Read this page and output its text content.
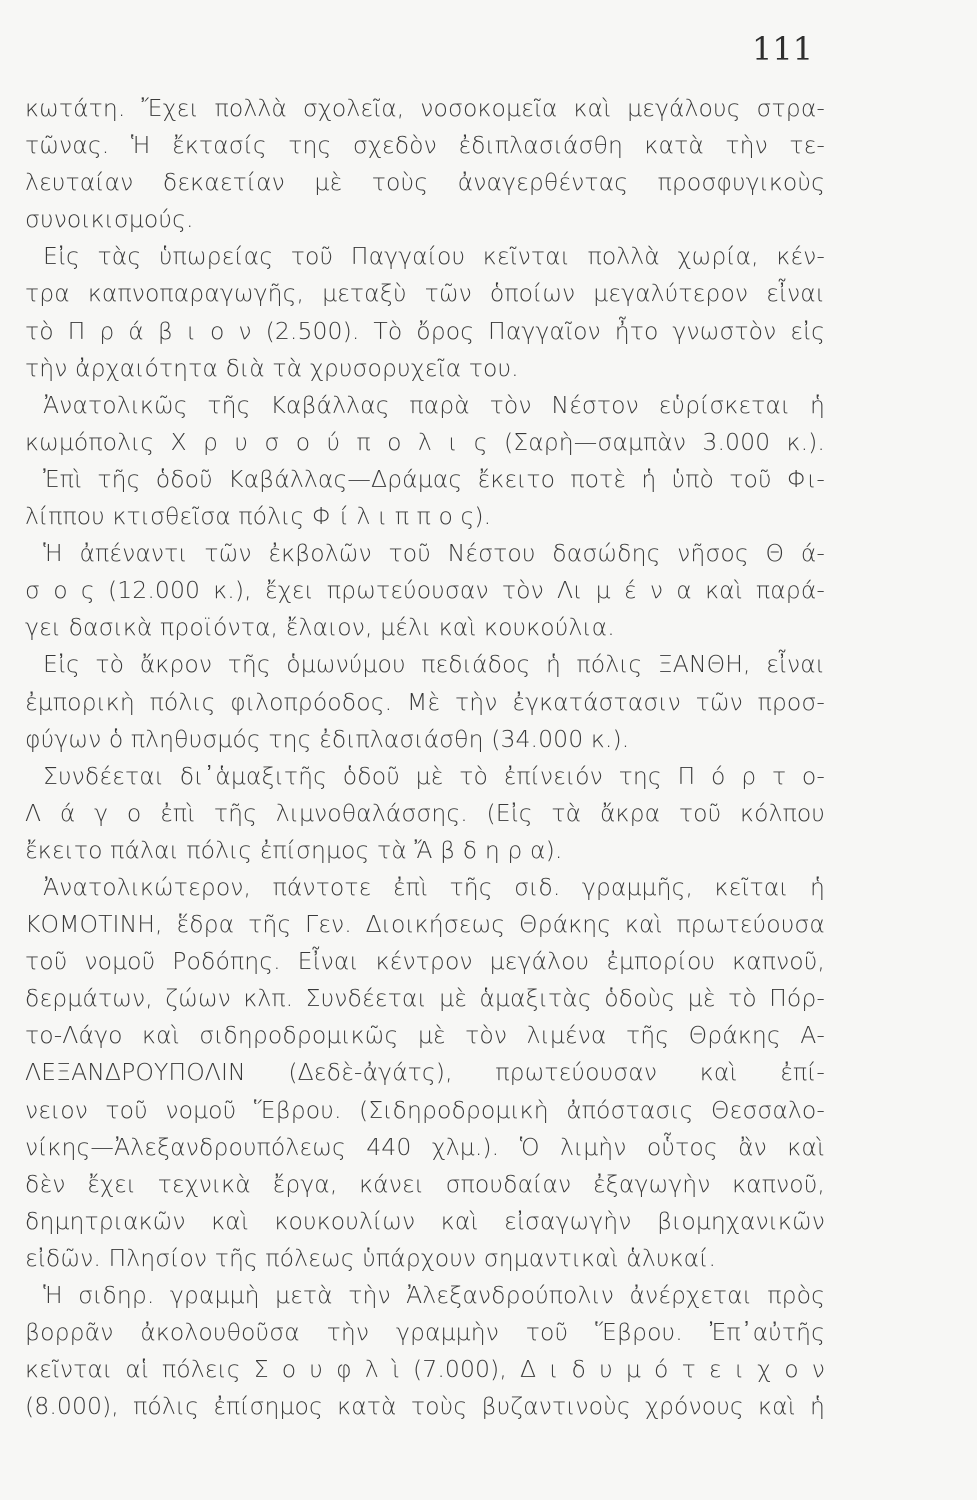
111
κωτάτη. Ἔχει πολλὰ σχολεῖα, νοσοκομεῖα καὶ μεγάλους στρα-
τῶνας. Ἡ ἔκτασίς της σχεδὸν ἐδιπλασιάσθη κατὰ τὴν τε-
λευταίαν δεκαετίαν μὲ τοὺς ἀναγερθέντας προσφυγικοὺς
συνοικισμούς.
Εἰς τὰς ὑπωρείας τοῦ Παγγαίου κεῖνται πολλὰ χωρία, κέν-
τρα καπνοπαραγωγῆς, μεταξὺ τῶν ὁποίων μεγαλύτερον εἶναι
τὸ Π ρ ά β ι ο ν (2.500). Τὸ ὄρος Παγγαῖον ἦτο γνωστὸν εἰς
τὴν ἀρχαιότητα διὰ τὰ χρυσορυχεῖα του.
Ἀνατολικῶς τῆς Καβάλλας παρὰ τὸν Νέστον εὑρίσκεται ἡ
κωμόπολις Χ ρ υ σ ο ύ π ο λ ι ς (Σαρὴ—σαμπὰν 3.000 κ.).
Ἐπὶ τῆς ὁδοῦ Καβάλλας—Δράμας ἔκειτο ποτὲ ἡ ὑπὸ τοῦ Φι-
λίππου κτισθεῖσα πόλις Φ ί λ ι π π ο ς).
Ἡ ἀπέναντι τῶν ἐκβολῶν τοῦ Νέστου δασώδης νῆσος Θ ά-
σ ο ς (12.000 κ.), ἔχει πρωτεύουσαν τὸν Λι μ έ ν α καὶ παρά-
γει δασικὰ προϊόντα, ἔλαιον, μέλι καὶ κουκούλια.
Εἰς τὸ ἄκρον τῆς ὁμωνύμου πεδιάδος ἡ πόλις ΞΑΝΘΗ, εἶναι
ἐμπορικὴ πόλις φιλοπρόοδος. Μὲ τὴν ἐγκατάστασιν τῶν προσ-
φύγων ὁ πληθυσμός της ἐδιπλασιάσθη (34.000 κ.).
Συνδέεται δι᾽ἁμαξιτῆς ὁδοῦ μὲ τὸ ἐπίνειόν της Π ό ρ τ ο-
Λ ά γ ο ἐπὶ τῆς λιμνοθαλάσσης. (Εἰς τὰ ἄκρα τοῦ κόλπου
ἔκειτο πάλαι πόλις ἐπίσημος τὰ Ἄ β δ η ρ α).
Ἀνατολικώτερον, πάντοτε ἐπὶ τῆς σιδ. γραμμῆς, κεῖται ἡ
ΚΟΜΟΤΙΝΗ, ἕδρα τῆς Γεν. Διοικήσεως Θράκης καὶ πρωτεύουσα
τοῦ νομοῦ Ροδόπης. Εἶναι κέντρον μεγάλου ἐμπορίου καπνοῦ,
δερμάτων, ζώων κλπ. Συνδέεται μὲ ἁμαξιτὰς ὁδοὺς μὲ τὸ Πόρ-
το-Λάγο καὶ σιδηροδρομικῶς μὲ τὸν λιμένα τῆς Θράκης Α-
ΛΕΞΑΝΔΡΟΥΠΟΛΙΝ (Δεδὲ-ἀγάτς), πρωτεύουσαν καὶ ἐπί-
νειον τοῦ νομοῦ Ἕβρου. (Σιδηροδρομικὴ ἀπόστασις Θεσσαλο-
νίκης—Ἀλεξανδρουπόλεως 440 χλμ.). Ὁ λιμὴν οὗτος ἂν καὶ
δὲν ἔχει τεχνικὰ ἔργα, κάνει σπουδαίαν ἐξαγωγὴν καπνοῦ,
δημητριακῶν καὶ κουκουλίων καὶ εἰσαγωγὴν βιομηχανικῶν
εἰδῶν. Πλησίον τῆς πόλεως ὑπάρχουν σημαντικαὶ ἁλυκαί.
Ἡ σιδηρ. γραμμὴ μετὰ τὴν Ἀλεξανδρούπολιν ἀνέρχεται πρὸς
βορρᾶν ἀκολουθοῦσα τὴν γραμμὴν τοῦ Ἕβρου. Ἐπ᾽αὐτῆς
κεῖνται αἱ πόλεις Σ ο υ φ λ ὶ (7.000), Δ ι δ υ μ ό τ ε ι χ ο ν
(8.000), πόλις ἐπίσημος κατὰ τοὺς βυζαντινοὺς χρόνους καὶ ἡ
